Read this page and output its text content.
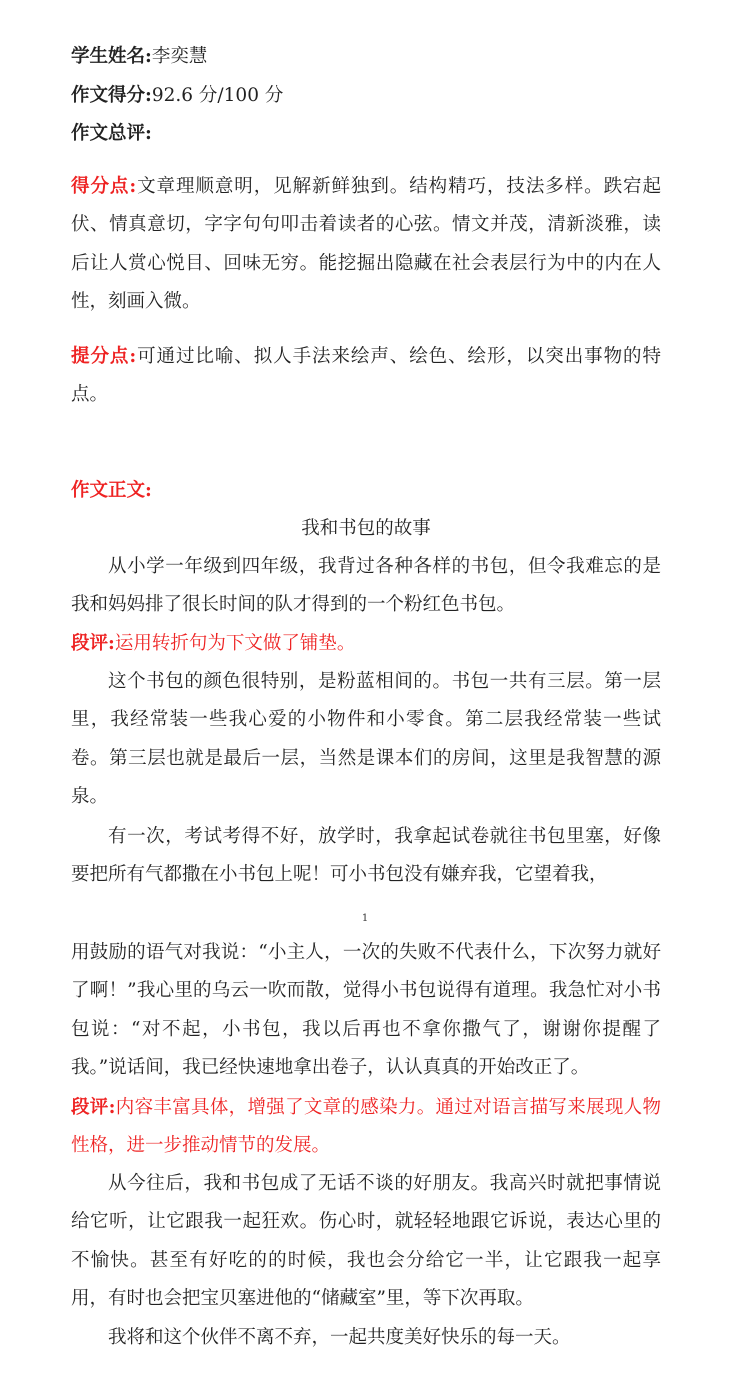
学生姓名:李奕慧
作文得分:92.6 分/100 分
作文总评:
得分点:文章理顺意明，见解新鲜独到。结构精巧，技法多样。跌宕起伏、情真意切，字字句句叩击着读者的心弦。情文并茂，清新淡雅，读后让人赏心悦目、回味无穷。能挖掘出隐藏在社会表层行为中的内在人性，刻画入微。
提分点:可通过比喻、拟人手法来绘声、绘色、绘形，以突出事物的特点。
作文正文:
我和书包的故事
从小学一年级到四年级，我背过各种各样的书包，但令我难忘的是我和妈妈排了很长时间的队才得到的一个粉红色书包。
段评:运用转折句为下文做了铺垫。
这个书包的颜色很特别，是粉蓝相间的。书包一共有三层。第一层里，我经常装一些我心爱的小物件和小零食。第二层我经常装一些试卷。第三层也就是最后一层，当然是课本们的房间，这里是我智慧的源泉。
有一次，考试考得不好，放学时，我拿起试卷就往书包里塞，好像要把所有气都撒在小书包上呢！可小书包没有嫌弃我，它望着我，
1
用鼓励的语气对我说：“小主人，一次的失败不代表什么，下次努力就好了啊！”我心里的乌云一吹而散，觉得小书包说得有道理。我急忙对小书包说：“对不起，小书包，我以后再也不拿你撒气了，谢谢你提醒了我。”说话间，我已经快速地拿出卷子，认认真真的开始改正了。
段评:内容丰富具体，增强了文章的感染力。通过对语言描写来展现人物性格，进一步推动情节的发展。
从今往后，我和书包成了无话不谈的好朋友。我高兴时就把事情说给它听，让它跟我一起狂欢。伤心时，就轻轻地跟它诉说，表达心里的不愉快。甚至有好吃的的时候，我也会分给它一半，让它跟我一起享用，有时也会把宝贝塞进他的“储藏室”里，等下次再取。
我将和这个伙伴不离不弃，一起共度美好快乐的每一天。
